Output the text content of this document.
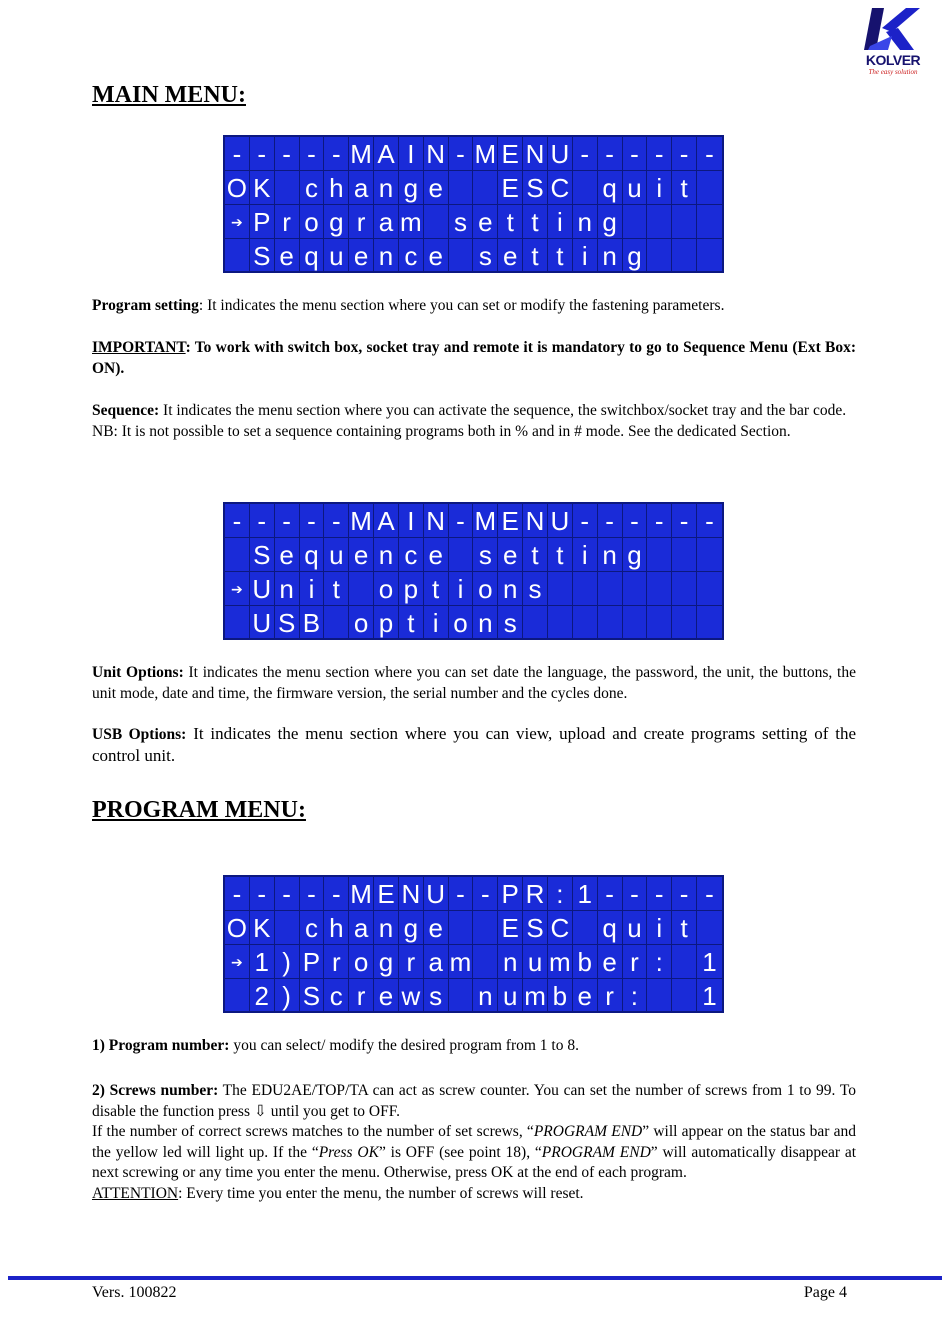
KOLVER
The easy solution
MAIN MENU:
- - - - - M A I N - M E N U - - - - - -
O K
c h a n g e

E S C
q u i t

➔ P r o g r a m
s e t t i n g

S e q u e n c e
s e t t i n g

Program setting: It indicates the menu section where you can set or modify the fastening parameters.
IMPORTANT: To work with switch box, socket tray and remote it is mandatory to go to Sequence Menu (Ext Box: ON).
Sequence: It indicates the menu section where you can activate the sequence, the switchbox/socket tray and the bar code.
NB: It is not possible to set a sequence containing programs both in % and in # mode. See the dedicated Section.
- - - - - M A I N - M E N U - - - - - -

S e q u e n c e
s e t t i n g

➔ U n i t
	o p t i o n s

U S B
o p t i o n s

Unit Options: It indicates the menu section where you can set date the language, the password, the unit, the buttons, the unit mode, date and time, the firmware version, the serial number and the cycles done.
USB Options: It indicates the menu section where you can view, upload and create programs setting of the control unit.
PROGRAM MENU:
- - - - - M E N U - - P R : 1 - - - - -
O K
c h a n g e

E S C
q u i t

➔ 1 ) P r o g r a m
n u m b e r :
	1

2 ) S c r e w s
n u m b e r :

	1
1) Program number: you can select/ modify the desired program from 1 to 8.
2) Screws number: The EDU2AE/TOP/TA can act as screw counter. You can set the number of screws from 1 to 99. To disable the function press ⇩ until you get to OFF.
If the number of correct screws matches to the number of set screws, “PROGRAM END” will appear on the status bar and the yellow led will light up. If the “Press OK” is OFF (see point 18), “PROGRAM END” will automatically disappear at next screwing or any time you enter the menu. Otherwise, press OK at the end of each program.
ATTENTION: Every time you enter the menu, the number of screws will reset.
Vers. 100822	Page 4
